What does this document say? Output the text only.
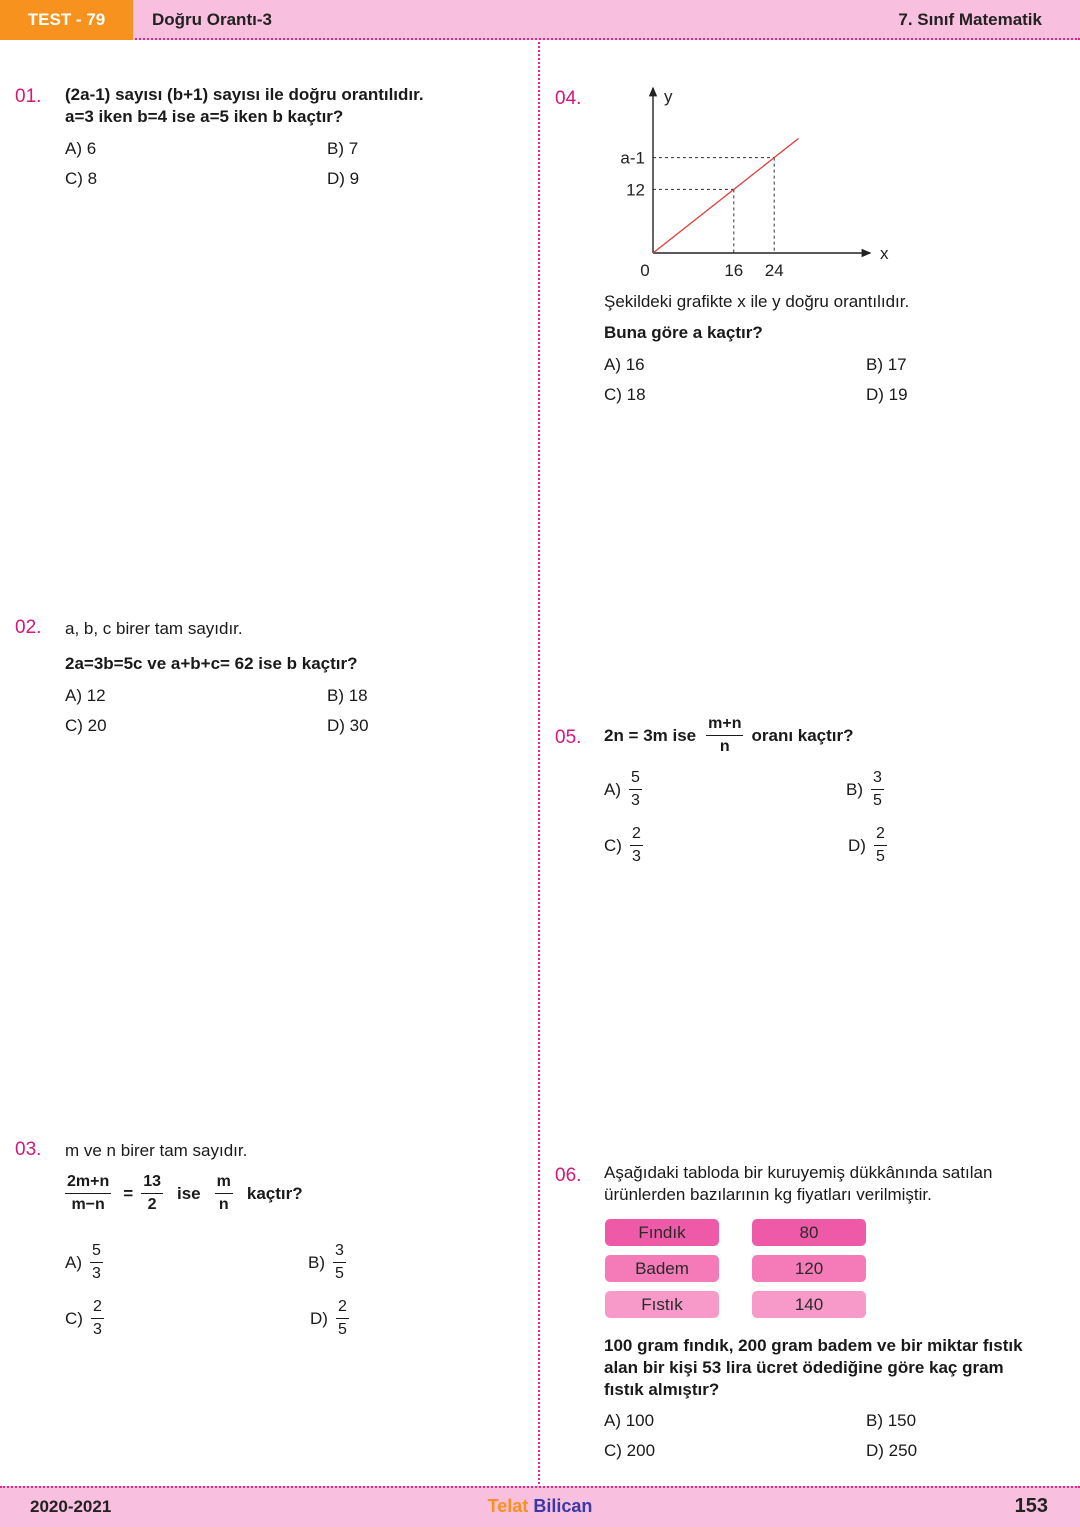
TEST - 79	Doğru Orantı-3	7. Sınıf Matematik
01. (2a-1) sayısı (b+1) sayısı ile doğru orantılıdır.
a=3 iken b=4 ise a=5 iken b kaçtır?
A) 6	B) 7
C) 8	D) 9
02. a, b, c birer tam sayıdır.
2a=3b=5c ve a+b+c= 62 ise b kaçtır?
A) 12	B) 18
C) 20	D) 30
03. m ve n birer tam sayıdır.
$\frac{2m+n}{m-n} = \frac{13}{2}$ ise $\frac{m}{n}$ kaçtır?
$A) \frac{5}{3}$	$B) \frac{3}{5}$
$C) \frac{2}{3}$	$D) \frac{2}{5}$
04.
12
a-1
0	16 24
x
y
Şekildeki grafikte x ile y doğru orantılıdır.
Buna göre a kaçtır?
A) 16	B) 17
C) 18	D) 19
05. 2n = 3m ise $\frac{m+n}{n}$ oranı kaçtır?
$A) \frac{5}{3}$	$B) \frac{3}{5}$
$C) \frac{2}{3}$	$D) \frac{2}{5}$
06. Aşağıdaki tabloda bir kuruyemiş dükkânında satılan
ürünlerden bazılarının kg fiyatları verilmiştir.
Fındık	80
Badem	120
Fıstık	140
100 gram fındık, 200 gram badem ve bir miktar fıstık
alan bir kişi 53 lira ücret ödediğine göre kaç gram
fıstık almıştır?
A) 100	B) 150
C) 200	D) 250
2020-2021	Telat Bilican	153
